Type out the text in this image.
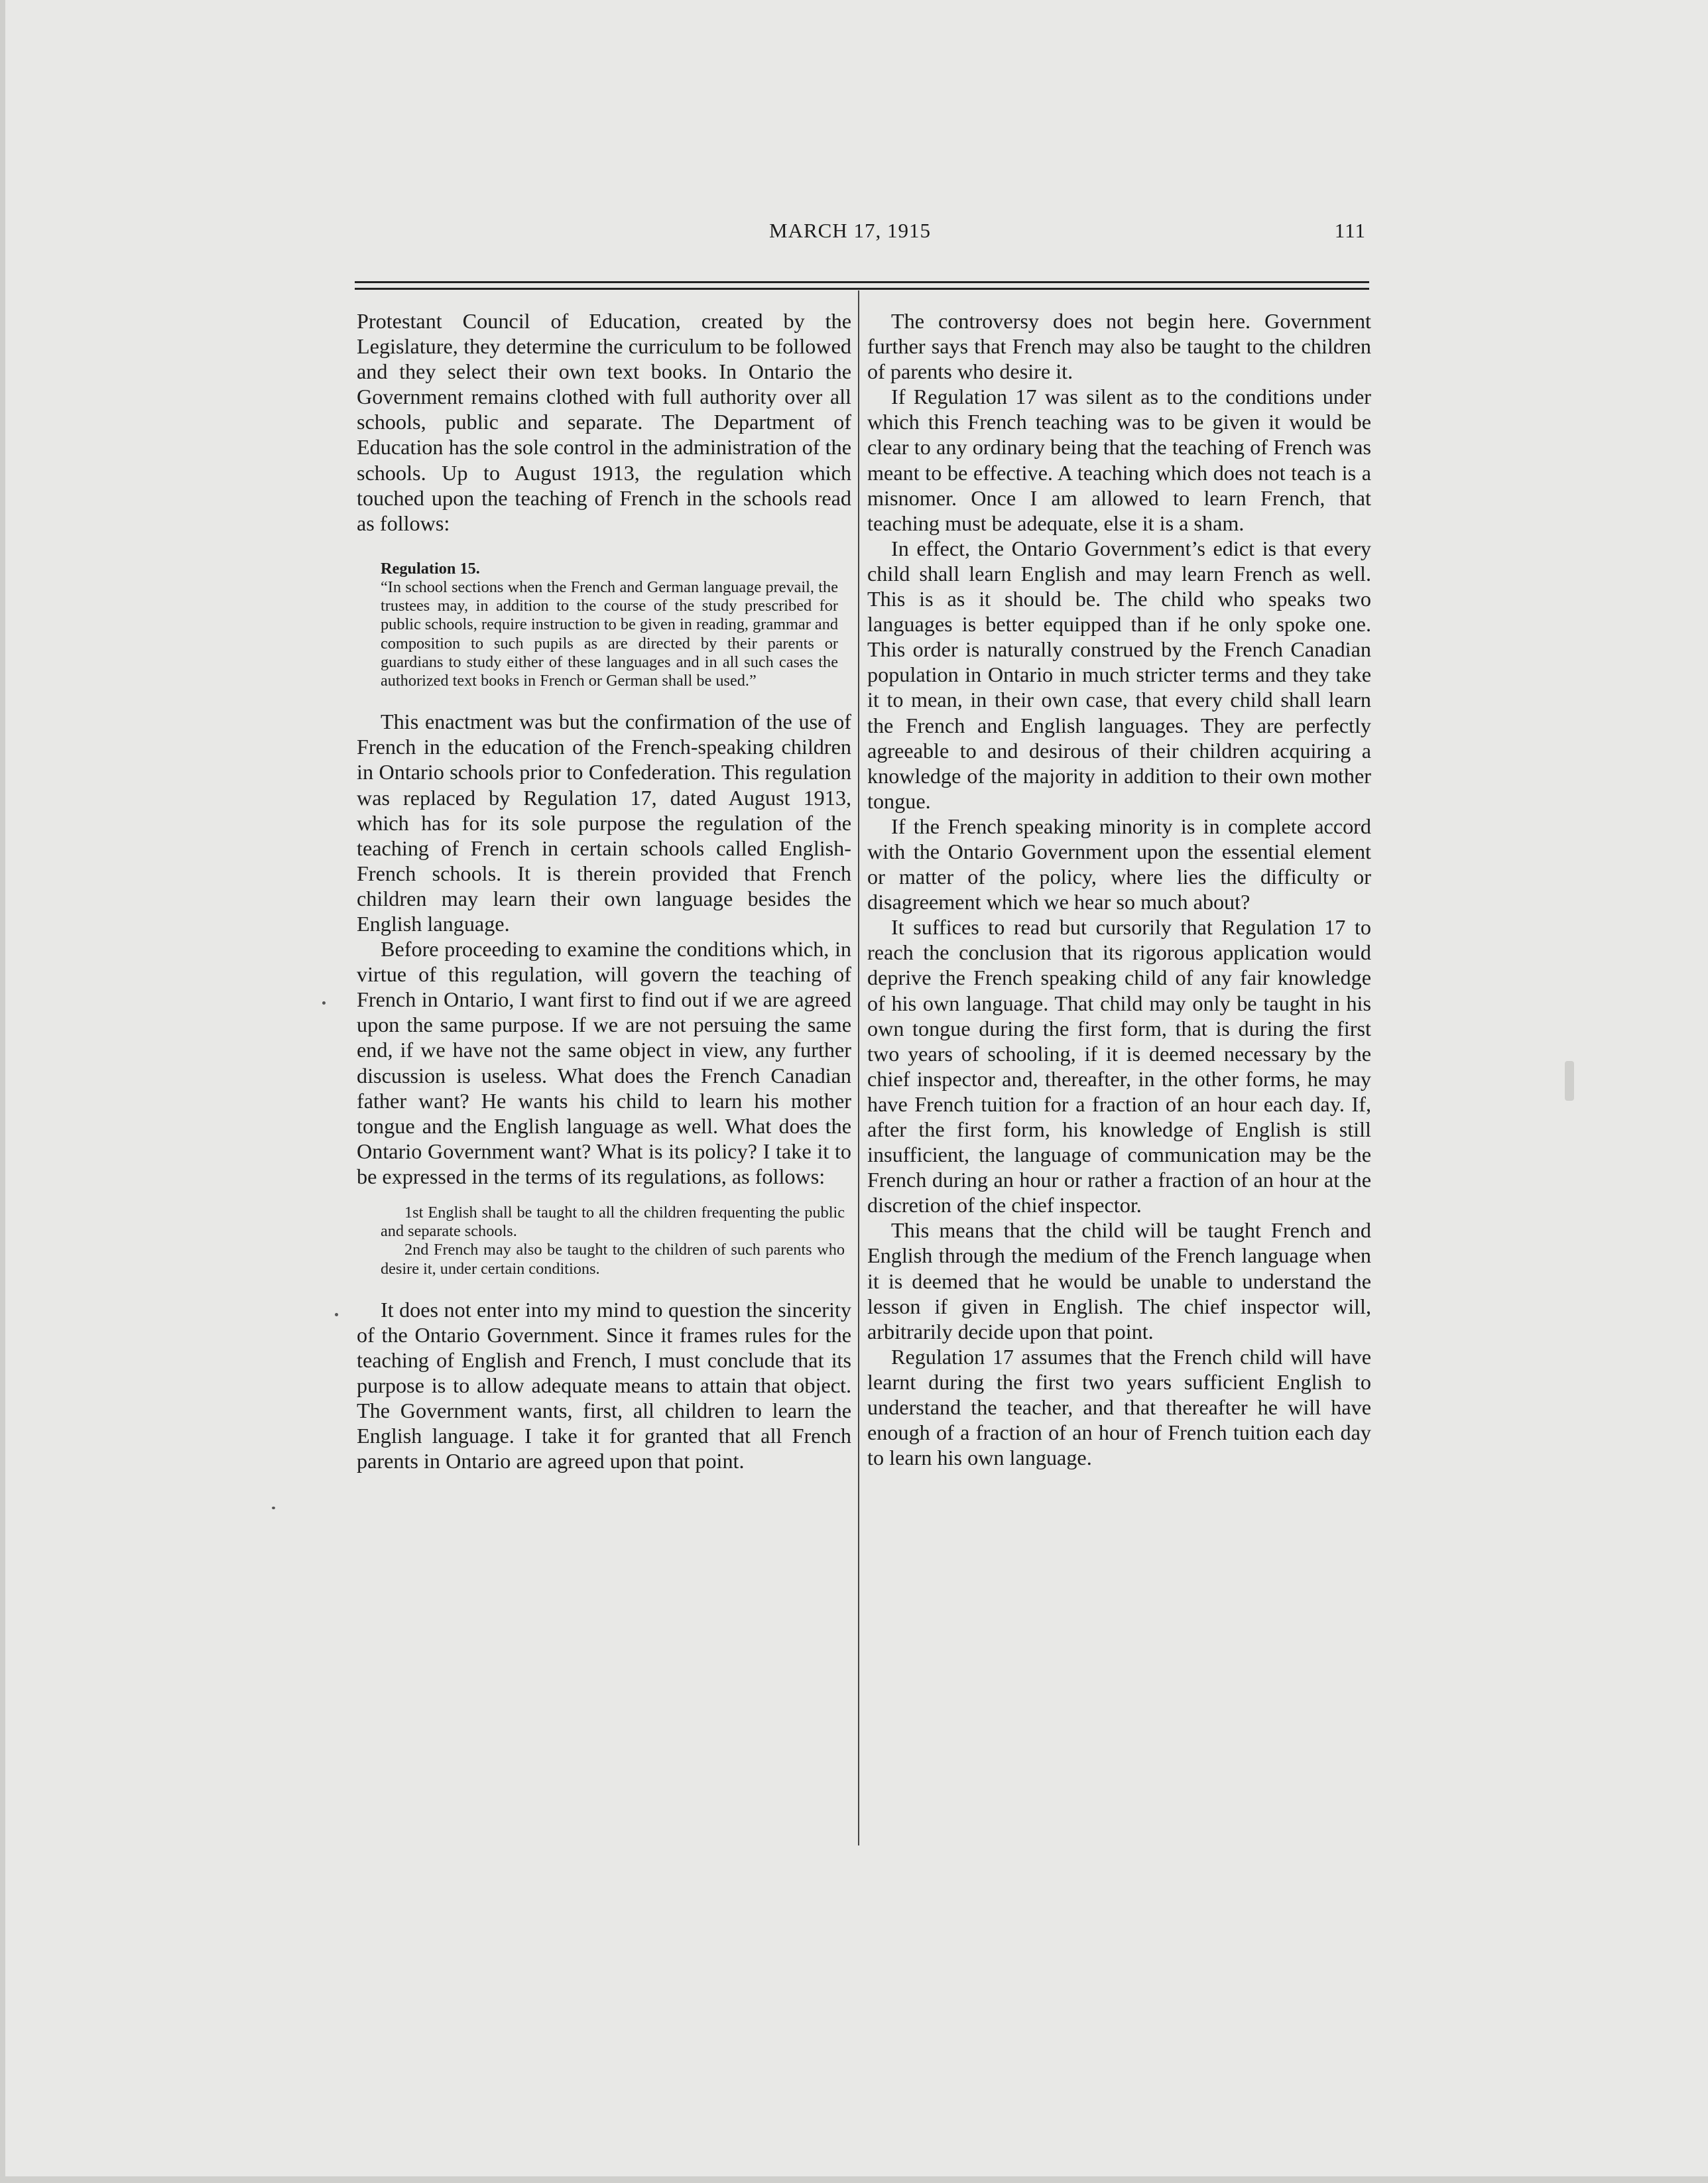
MARCH 17, 1915	111

Protestant Council of Education, created by the Legislature, they determine the curriculum to be followed and they select their own text books. In Ontario the Government remains clothed with full authority over all schools, public and separate. The Department of Education has the sole control in the administration of the schools. Up to August 1913, the regulation which touched upon the teaching of French in the schools read as follows:

Regulation 15.

“In school sections when the French and German language prevail, the trustees may, in addition to the course of the study prescribed for public schools, require instruction to be given in reading, grammar and composition to such pupils as are directed by their parents or guardians to study either of these languages and in all such cases the authorized text books in French or German shall be used.”

This enactment was but the confirmation of the use of French in the education of the French-speaking children in Ontario schools prior to Confederation. This regulation was replaced by Regulation 17, dated August 1913, which has for its sole purpose the regulation of the teaching of French in certain schools called English-French schools. It is therein provided that French children may learn their own language besides the English language.

Before proceeding to examine the conditions which, in virtue of this regulation, will govern the teaching of French in Ontario, I want first to find out if we are agreed upon the same purpose. If we are not persuing the same end, if we have not the same object in view, any further discussion is useless. What does the French Canadian father want? He wants his child to learn his mother tongue and the English language as well. What does the Ontario Government want? What is its policy? I take it to be expressed in the terms of its regulations, as follows:

1st English shall be taught to all the children frequenting the public and separate schools.

2nd French may also be taught to the children of such parents who desire it, under certain conditions.

It does not enter into my mind to question the sincerity of the Ontario Government. Since it frames rules for the teaching of English and French, I must conclude that its purpose is to allow adequate means to attain that object. The Government wants, first, all children to learn the English language. I take it for granted that all French parents in Ontario are agreed upon that point.

The controversy does not begin here. Government further says that French may also be taught to the children of parents who desire it.

If Regulation 17 was silent as to the conditions under which this French teaching was to be given it would be clear to any ordinary being that the teaching of French was meant to be effective. A teaching which does not teach is a misnomer. Once I am allowed to learn French, that teaching must be adequate, else it is a sham.

In effect, the Ontario Government’s edict is that every child shall learn English and may learn French as well. This is as it should be. The child who speaks two languages is better equipped than if he only spoke one. This order is naturally construed by the French Canadian population in Ontario in much stricter terms and they take it to mean, in their own case, that every child shall learn the French and English languages. They are perfectly agreeable to and desirous of their children acquiring a knowledge of the majority in addition to their own mother tongue.

If the French speaking minority is in complete accord with the Ontario Government upon the essential element or matter of the policy, where lies the difficulty or disagreement which we hear so much about?

It suffices to read but cursorily that Regulation 17 to reach the conclusion that its rigorous application would deprive the French speaking child of any fair knowledge of his own language. That child may only be taught in his own tongue during the first form, that is during the first two years of schooling, if it is deemed necessary by the chief inspector and, thereafter, in the other forms, he may have French tuition for a fraction of an hour each day. If, after the first form, his knowledge of English is still insufficient, the language of communication may be the French during an hour or rather a fraction of an hour at the discretion of the chief inspector.

This means that the child will be taught French and English through the medium of the French language when it is deemed that he would be unable to understand the lesson if given in English. The chief inspector will, arbitrarily decide upon that point.

Regulation 17 assumes that the French child will have learnt during the first two years sufficient English to understand the teacher, and that thereafter he will have enough of a fraction of an hour of French tuition each day to learn his own language.
